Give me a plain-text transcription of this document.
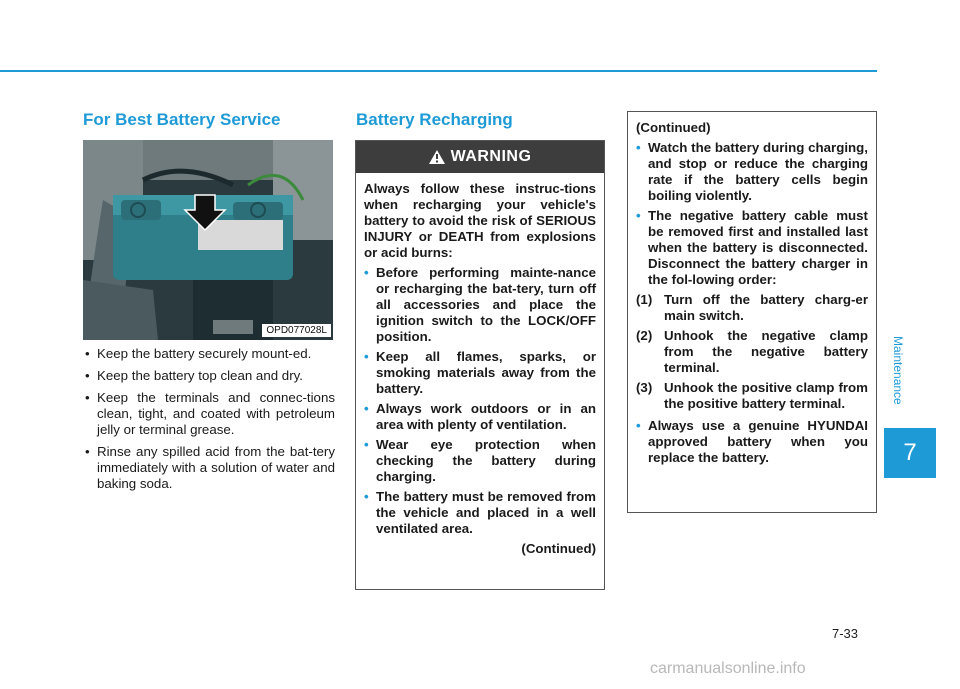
For Best Battery Service	Battery Recharging
OPD077028L
• Keep the battery securely mount-ed.
• Keep the battery top clean and dry.
• Keep the terminals and connec-tions clean, tight, and coated with petroleum jelly or terminal grease.
• Rinse any spilled acid from the bat-tery immediately with a solution of water and baking soda.
WARNING

Always follow these instruc-tions when recharging your vehicle's battery to avoid the risk of SERIOUS INJURY or DEATH from explosions or acid burns:

• Before performing mainte-nance or recharging the bat-tery, turn off all accessories and place the ignition switch to the LOCK/OFF position.
• Keep all flames, sparks, or smoking materials away from the battery.
• Always work outdoors or in an area with plenty of ventilation.
• Wear eye protection when checking the battery during charging.
• The battery must be removed from the vehicle and placed in a well ventilated area.
(Continued)

(Continued)

• Watch the battery during charging, and stop or reduce the charging rate if the battery cells begin boiling violently.
• The negative battery cable must be removed first and installed last when the battery is disconnected. Disconnect the battery charger in the fol-lowing order:
(1) Turn off the battery charg-er main switch.
(2) Unhook the negative clamp from the negative battery terminal.
(3) Unhook the positive clamp from the positive battery terminal.
• Always use a genuine HYUNDAI approved battery when you replace the battery.
Maintenance
7
7-33
carmanualsonline.info
